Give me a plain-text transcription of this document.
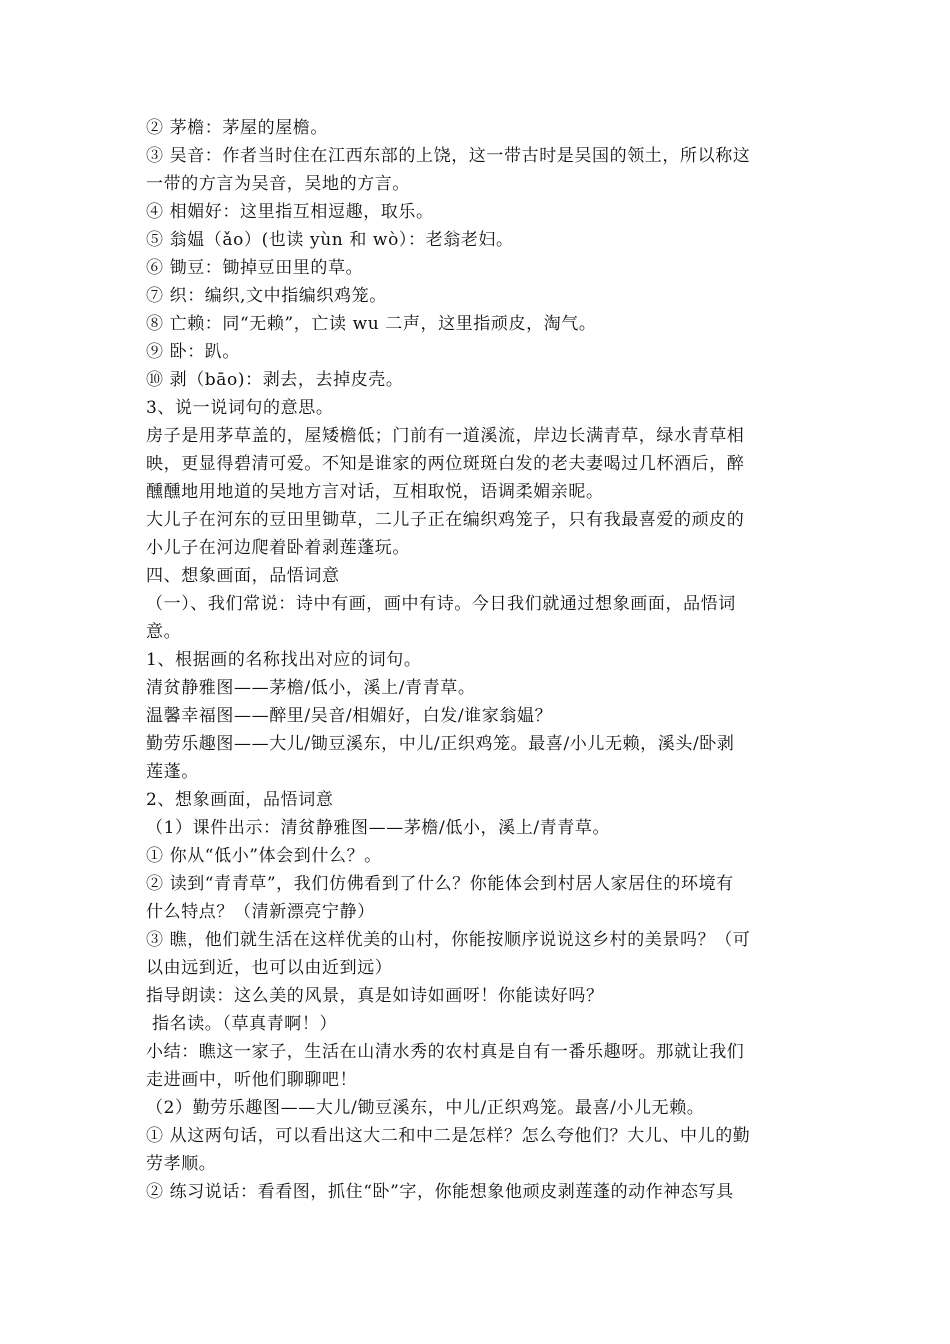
② 茅檐：茅屋的屋檐。
③ 吴音：作者当时住在江西东部的上饶，这一带古时是吴国的领土，所以称这
一带的方言为吴音，吴地的方言。
④ 相媚好：这里指互相逗趣，取乐。
⑤ 翁媪（ǎo）(也读 yùn 和 wò）：老翁老妇。
⑥ 锄豆：锄掉豆田里的草。
⑦ 织：编织,文中指编织鸡笼。
⑧ 亡赖：同“无赖”，亡读 wu 二声，这里指顽皮，淘气。
⑨ 卧：趴。
⑩ 剥（bāo)：剥去，去掉皮壳。
3、说一说词句的意思。
房子是用茅草盖的，屋矮檐低；门前有一道溪流，岸边长满青草，绿水青草相
映，更显得碧清可爱。不知是谁家的两位斑斑白发的老夫妻喝过几杯酒后，醉
醺醺地用地道的吴地方言对话，互相取悦，语调柔媚亲昵。
大儿子在河东的豆田里锄草，二儿子正在编织鸡笼子，只有我最喜爱的顽皮的
小儿子在河边爬着卧着剥莲蓬玩。
四、想象画面，品悟词意
（一）、我们常说：诗中有画，画中有诗。今日我们就通过想象画面，品悟词
意。
1、根据画的名称找出对应的词句。
清贫静雅图——茅檐/低小，溪上/青青草。
温馨幸福图——醉里/吴音/相媚好，白发/谁家翁媪？
勤劳乐趣图——大儿/锄豆溪东，中儿/正织鸡笼。最喜/小儿无赖，溪头/卧剥
莲蓬。
2、想象画面，品悟词意
（1）课件出示：清贫静雅图——茅檐/低小，溪上/青青草。
① 你从“低小”体会到什么？。
② 读到“青青草”，我们仿佛看到了什么？你能体会到村居人家居住的环境有
什么特点？（清新漂亮宁静）
③ 瞧，他们就生活在这样优美的山村，你能按顺序说说这乡村的美景吗？（可
以由远到近，也可以由近到远）
指导朗读：这么美的风景，真是如诗如画呀！你能读好吗？
指名读。（草真青啊！）
小结：瞧这一家子，生活在山清水秀的农村真是自有一番乐趣呀。那就让我们
走进画中，听他们聊聊吧！
（2）勤劳乐趣图——大儿/锄豆溪东，中儿/正织鸡笼。最喜/小儿无赖。
① 从这两句话，可以看出这大二和中二是怎样？怎么夸他们？大儿、中儿的勤
劳孝顺。
② 练习说话：看看图，抓住“卧”字，你能想象他顽皮剥莲蓬的动作神态写具
